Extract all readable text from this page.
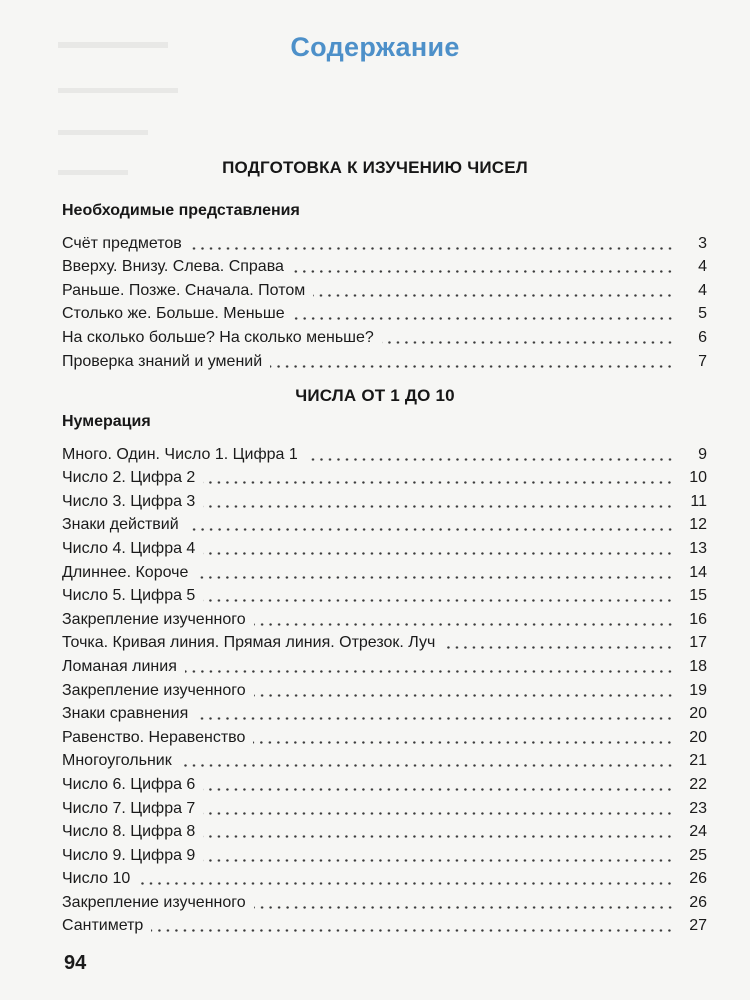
Содержание
ПОДГОТОВКА К ИЗУЧЕНИЮ ЧИСЕЛ
Необходимые представления
Счёт предметов	3
Вверху. Внизу. Слева. Справа	4
Раньше. Позже. Сначала. Потом	4
Столько же. Больше. Меньше	5
На сколько больше? На сколько меньше?	6
Проверка знаний и умений	7
ЧИСЛА ОТ 1 ДО 10
Нумерация
Много. Один. Число 1. Цифра 1	9
Число 2. Цифра 2	10
Число 3. Цифра 3	11
Знаки действий	12
Число 4. Цифра 4	13
Длиннее. Короче	14
Число 5. Цифра 5	15
Закрепление изученного	16
Точка. Кривая линия. Прямая линия. Отрезок. Луч	17
Ломаная линия	18
Закрепление изученного	19
Знаки сравнения	20
Равенство. Неравенство	20
Многоугольник	21
Число 6. Цифра 6	22
Число 7. Цифра 7	23
Число 8. Цифра 8	24
Число 9. Цифра 9	25
Число 10	26
Закрепление изученного	26
Сантиметр	27
94
